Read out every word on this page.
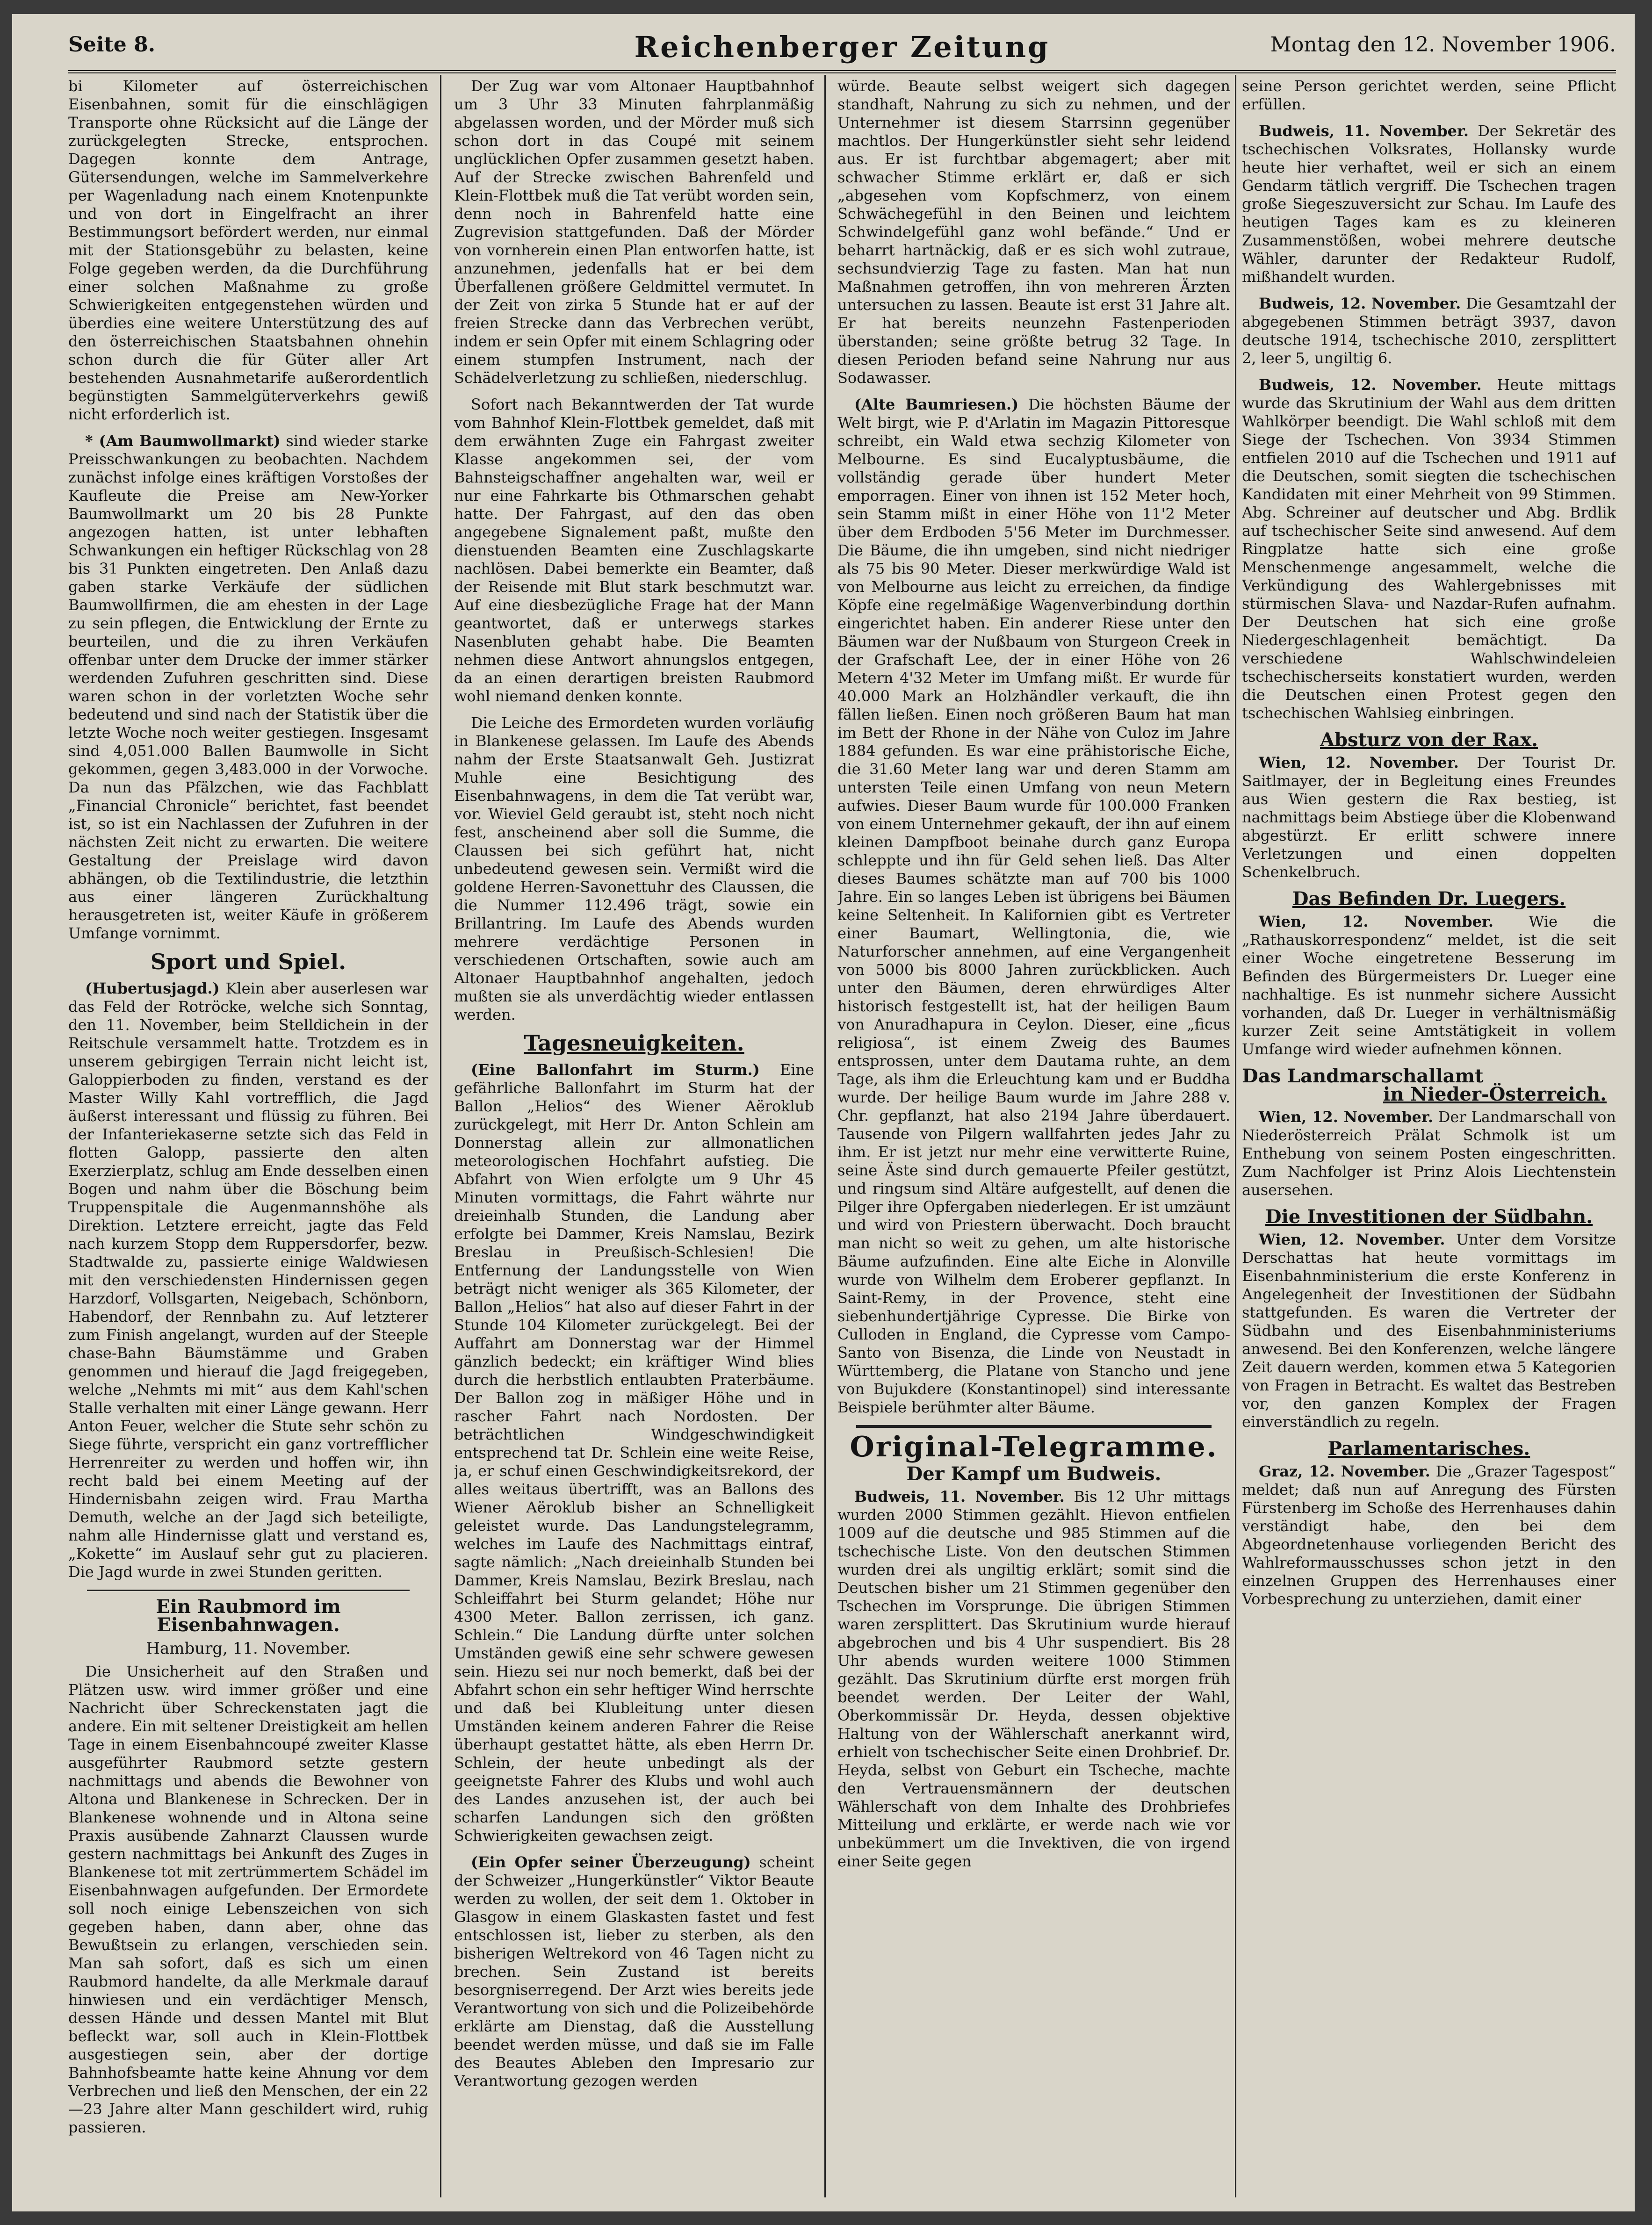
Seite 8.	Reichenberger Zeitung	Montag den 12. November 1906.

bi Kilometer auf österreichischen Eisenbahnen, somit für die einschlägigen Transporte ohne Rücksicht auf die Länge der zurückgelegten Strecke, entsprochen. Dagegen konnte dem Antrage, Gütersendungen, welche im Sammelverkehre per Wagenladung nach einem Knotenpunkte und von dort in Eingelfracht an ihrer Bestimmungsort befördert werden, nur einmal mit der Stationsgebühr zu belasten, keine Folge gegeben werden, da die Durchführung einer solchen Maßnahme zu große Schwierigkeiten entgegenstehen würden und überdies eine weitere Unterstützung des auf den österreichischen Staatsbahnen ohnehin schon durch die für Güter aller Art bestehenden Ausnahmetarife außerordentlich begünstigten Sammelgüterverkehrs gewiß nicht erforderlich ist.

* (Am Baumwollmarkt) sind wieder starke Preisschwankungen zu beobachten. Nachdem zunächst infolge eines kräftigen Vorstoßes der Kaufleute die Preise am New-Yorker Baumwollmarkt um 20 bis 28 Punkte angezogen hatten, ist unter lebhaften Schwankungen ein heftiger Rückschlag von 28 bis 31 Punkten eingetreten. Den Anlaß dazu gaben starke Verkäufe der südlichen Baumwollfirmen, die am ehesten in der Lage zu sein pflegen, die Entwicklung der Ernte zu beurteilen, und die zu ihren Verkäufen offenbar unter dem Drucke der immer stärker werdenden Zufuhren geschritten sind. Diese waren schon in der vorletzten Woche sehr bedeutend und sind nach der Statistik über die letzte Woche noch weiter gestiegen. Insgesamt sind 4,051.000 Ballen Baumwolle in Sicht gekommen, gegen 3,483.000 in der Vorwoche. Da nun das Pfälzchen, wie das Fachblatt „Financial Chronicle“ berichtet, fast beendet ist, so ist ein Nachlassen der Zufuhren in der nächsten Zeit nicht zu erwarten. Die weitere Gestaltung der Preislage wird davon abhängen, ob die Textilindustrie, die letzthin aus einer längeren Zurückhaltung herausgetreten ist, weiter Käufe in größerem Umfange vornimmt.

Sport und Spiel.

(Hubertusjagd.) Klein aber auserlesen war das Feld der Rotröcke, welche sich Sonntag, den 11. November, beim Stelldichein in der Reitschule versammelt hatte. Trotzdem es in unserem gebirgigen Terrain nicht leicht ist, Galoppierboden zu finden, verstand es der Master Willy Kahl vortrefflich, die Jagd äußerst interessant und flüssig zu führen. Bei der Infanteriekaserne setzte sich das Feld in flotten Galopp, passierte den alten Exerzierplatz, schlug am Ende desselben einen Bogen und nahm über die Böschung beim Truppenspitale die Augenmannshöhe als Direktion. Letztere erreicht, jagte das Feld nach kurzem Stopp dem Ruppersdorfer, bezw. Stadtwalde zu, passierte einige Waldwiesen mit den verschiedensten Hindernissen gegen Harzdorf, Vollsgarten, Neigebach, Schönborn, Habendorf, der Rennbahn zu. Auf letzterer zum Finish angelangt, wurden auf der Steeple chase-Bahn Bäumstämme und Graben genommen und hierauf die Jagd freigegeben, welche „Nehmts mi mit“ aus dem Kahl'schen Stalle verhalten mit einer Länge gewann. Herr Anton Feuer, welcher die Stute sehr schön zu Siege führte, verspricht ein ganz vortrefflicher Herrenreiter zu werden und hoffen wir, ihn recht bald bei einem Meeting auf der Hindernisbahn zeigen wird. Frau Martha Demuth, welche an der Jagd sich beteiligte, nahm alle Hindernisse glatt und verstand es, „Kokette“ im Auslauf sehr gut zu placieren. Die Jagd wurde in zwei Stunden geritten.

Ein Raubmord im Eisenbahnwagen.
Hamburg, 11. November.

Die Unsicherheit auf den Straßen und Plätzen usw. wird immer größer und eine Nachricht über Schreckenstaten jagt die andere. Ein mit seltener Dreistigkeit am hellen Tage in einem Eisenbahncoupé zweiter Klasse ausgeführter Raubmord setzte gestern nachmittags und abends die Bewohner von Altona und Blankenese in Schrecken. Der in Blankenese wohnende und in Altona seine Praxis ausübende Zahnarzt Claussen wurde gestern nachmittags bei Ankunft des Zuges in Blankenese tot mit zertrümmertem Schädel im Eisenbahnwagen aufgefunden. Der Ermordete soll noch einige Lebenszeichen von sich gegeben haben, dann aber, ohne das Bewußtsein zu erlangen, verschieden sein. Man sah sofort, daß es sich um einen Raubmord handelte, da alle Merkmale darauf hinwiesen und ein verdächtiger Mensch, dessen Hände und dessen Mantel mit Blut befleckt war, soll auch in Klein-Flottbek ausgestiegen sein, aber der dortige Bahnhofsbeamte hatte keine Ahnung vor dem Verbrechen und ließ den Menschen, der ein 22—23 Jahre alter Mann geschildert wird, ruhig passieren.

Der Zug war vom Altonaer Hauptbahnhof um 3 Uhr 33 Minuten fahrplanmäßig abgelassen worden, und der Mörder muß sich schon dort in das Coupé mit seinem unglücklichen Opfer zusammen gesetzt haben. Auf der Strecke zwischen Bahrenfeld und Klein-Flottbek muß die Tat verübt worden sein, denn noch in Bahrenfeld hatte eine Zugrevision stattgefunden. Daß der Mörder von vornherein einen Plan entworfen hatte, ist anzunehmen, jedenfalls hat er bei dem Überfallenen größere Geldmittel vermutet. In der Zeit von zirka 5 Stunde hat er auf der freien Strecke dann das Verbrechen verübt, indem er sein Opfer mit einem Schlagring oder einem stumpfen Instrument, nach der Schädelverletzung zu schließen, niederschlug.

Sofort nach Bekanntwerden der Tat wurde vom Bahnhof Klein-Flottbek gemeldet, daß mit dem erwähnten Zuge ein Fahrgast zweiter Klasse angekommen sei, der vom Bahnsteigschaffner angehalten war, weil er nur eine Fahrkarte bis Othmarschen gehabt hatte. Der Fahrgast, auf den das oben angegebene Signalement paßt, mußte den dienstuenden Beamten eine Zuschlagskarte nachlösen. Dabei bemerkte ein Beamter, daß der Reisende mit Blut stark beschmutzt war. Auf eine diesbezügliche Frage hat der Mann geantwortet, daß er unterwegs starkes Nasenbluten gehabt habe. Die Beamten nehmen diese Antwort ahnungslos entgegen, da an einen derartigen breisten Raubmord wohl niemand denken konnte.

Die Leiche des Ermordeten wurden vorläufig in Blankenese gelassen. Im Laufe des Abends nahm der Erste Staatsanwalt Geh. Justizrat Muhle eine Besichtigung des Eisenbahnwagens, in dem die Tat verübt war, vor. Wieviel Geld geraubt ist, steht noch nicht fest, anscheinend aber soll die Summe, die Claussen bei sich geführt hat, nicht unbedeutend gewesen sein. Vermißt wird die goldene Herren-Savonettuhr des Claussen, die die Nummer 112.496 trägt, sowie ein Brillantring. Im Laufe des Abends wurden mehrere verdächtige Personen in verschiedenen Ortschaften, sowie auch am Altonaer Hauptbahnhof angehalten, jedoch mußten sie als unverdächtig wieder entlassen werden.

Tagesneuigkeiten.

(Eine Ballonfahrt im Sturm.) Eine gefährliche Ballonfahrt im Sturm hat der Ballon „Helios“ des Wiener Aëroklub zurückgelegt, mit Herr Dr. Anton Schlein am Donnerstag allein zur allmonatlichen meteorologischen Hochfahrt aufstieg. Die Abfahrt von Wien erfolgte um 9 Uhr 45 Minuten vormittags, die Fahrt währte nur dreieinhalb Stunden, die Landung aber erfolgte bei Dammer, Kreis Namslau, Bezirk Breslau in Preußisch-Schlesien! Die Entfernung der Landungsstelle von Wien beträgt nicht weniger als 365 Kilometer, der Ballon „Helios“ hat also auf dieser Fahrt in der Stunde 104 Kilometer zurückgelegt. Bei der Auffahrt am Donnerstag war der Himmel gänzlich bedeckt; ein kräftiger Wind blies durch die herbstlich entlaubten Praterbäume. Der Ballon zog in mäßiger Höhe und in rascher Fahrt nach Nordosten. Der beträchtlichen Windgeschwindigkeit entsprechend tat Dr. Schlein eine weite Reise, ja, er schuf einen Geschwindigkeitsrekord, der alles weitaus übertrifft, was an Ballons des Wiener Aëroklub bisher an Schnelligkeit geleistet wurde. Das Landungstelegramm, welches im Laufe des Nachmittags eintraf, sagte nämlich: „Nach dreieinhalb Stunden bei Dammer, Kreis Namslau, Bezirk Breslau, nach Schleiffahrt bei Sturm gelandet; Höhe nur 4300 Meter. Ballon zerrissen, ich ganz. Schlein.“ Die Landung dürfte unter solchen Umständen gewiß eine sehr schwere gewesen sein. Hiezu sei nur noch bemerkt, daß bei der Abfahrt schon ein sehr heftiger Wind herrschte und daß bei Klubleitung unter diesen Umständen keinem anderen Fahrer die Reise überhaupt gestattet hätte, als eben Herrn Dr. Schlein, der heute unbedingt als der geeignetste Fahrer des Klubs und wohl auch des Landes anzusehen ist, der auch bei scharfen Landungen sich den größten Schwierigkeiten gewachsen zeigt.

(Ein Opfer seiner Überzeugung) scheint der Schweizer „Hungerkünstler“ Viktor Beaute werden zu wollen, der seit dem 1. Oktober in Glasgow in einem Glaskasten fastet und fest entschlossen ist, lieber zu sterben, als den bisherigen Weltrekord von 46 Tagen nicht zu brechen. Sein Zustand ist bereits besorgniserregend. Der Arzt wies bereits jede Verantwortung von sich und die Polizeibehörde erklärte am Dienstag, daß die Ausstellung beendet werden müsse, und daß sie im Falle des Beautes Ableben den Impresario zur Verantwortung gezogen werden

würde. Beaute selbst weigert sich dagegen standhaft, Nahrung zu sich zu nehmen, und der Unternehmer ist diesem Starrsinn gegenüber machtlos. Der Hungerkünstler sieht sehr leidend aus. Er ist furchtbar abgemagert; aber mit schwacher Stimme erklärt er, daß er sich „abgesehen vom Kopfschmerz, von einem Schwächegefühl in den Beinen und leichtem Schwindelgefühl ganz wohl befände.“ Und er beharrt hartnäckig, daß er es sich wohl zutraue, sechsundvierzig Tage zu fasten. Man hat nun Maßnahmen getroffen, ihn von mehreren Ärzten untersuchen zu lassen. Beaute ist erst 31 Jahre alt. Er hat bereits neunzehn Fastenperioden überstanden; seine größte betrug 32 Tage. In diesen Perioden befand seine Nahrung nur aus Sodawasser.

(Alte Baumriesen.) Die höchsten Bäume der Welt birgt, wie P. d'Arlatin im Magazin Pittoresque schreibt, ein Wald etwa sechzig Kilometer von Melbourne. Es sind Eucalyptusbäume, die vollständig gerade über hundert Meter emporragen. Einer von ihnen ist 152 Meter hoch, sein Stamm mißt in einer Höhe von 11'2 Meter über dem Erdboden 5'56 Meter im Durchmesser. Die Bäume, die ihn umgeben, sind nicht niedriger als 75 bis 90 Meter. Dieser merkwürdige Wald ist von Melbourne aus leicht zu erreichen, da findige Köpfe eine regelmäßige Wagenverbindung dorthin eingerichtet haben. Ein anderer Riese unter den Bäumen war der Nußbaum von Sturgeon Creek in der Grafschaft Lee, der in einer Höhe von 26 Metern 4'32 Meter im Umfang mißt. Er wurde für 40.000 Mark an Holzhändler verkauft, die ihn fällen ließen. Einen noch größeren Baum hat man im Bett der Rhone in der Nähe von Culoz im Jahre 1884 gefunden. Es war eine prähistorische Eiche, die 31.60 Meter lang war und deren Stamm am untersten Teile einen Umfang von neun Metern aufwies. Dieser Baum wurde für 100.000 Franken von einem Unternehmer gekauft, der ihn auf einem kleinen Dampfboot beinahe durch ganz Europa schleppte und ihn für Geld sehen ließ. Das Alter dieses Baumes schätzte man auf 700 bis 1000 Jahre. Ein so langes Leben ist übrigens bei Bäumen keine Seltenheit. In Kalifornien gibt es Vertreter einer Baumart, Wellingtonia, die, wie Naturforscher annehmen, auf eine Vergangenheit von 5000 bis 8000 Jahren zurückblicken. Auch unter den Bäumen, deren ehrwürdiges Alter historisch festgestellt ist, hat der heiligen Baum von Anuradhapura in Ceylon. Dieser, eine „ficus religiosa“, ist einem Zweig des Baumes entsprossen, unter dem Dautama ruhte, an dem Tage, als ihm die Erleuchtung kam und er Buddha wurde. Der heilige Baum wurde im Jahre 288 v. Chr. gepflanzt, hat also 2194 Jahre überdauert. Tausende von Pilgern wallfahrten jedes Jahr zu ihm. Er ist jetzt nur mehr eine verwitterte Ruine, seine Äste sind durch gemauerte Pfeiler gestützt, und ringsum sind Altäre aufgestellt, auf denen die Pilger ihre Opfergaben niederlegen. Er ist umzäunt und wird von Priestern überwacht. Doch braucht man nicht so weit zu gehen, um alte historische Bäume aufzufinden. Eine alte Eiche in Alonville wurde von Wilhelm dem Eroberer gepflanzt. In Saint-Remy, in der Provence, steht eine siebenhundertjährige Cypresse. Die Birke von Culloden in England, die Cypresse vom Campo-Santo von Bisenza, die Linde von Neustadt in Württemberg, die Platane von Stancho und jene von Bujukdere (Konstantinopel) sind interessante Beispiele berühmter alter Bäume.

Original-Telegramme.
Der Kampf um Budweis.

Budweis, 11. November. Bis 12 Uhr mittags wurden 2000 Stimmen gezählt. Hievon entfielen 1009 auf die deutsche und 985 Stimmen auf die tschechische Liste. Von den deutschen Stimmen wurden drei als ungiltig erklärt; somit sind die Deutschen bisher um 21 Stimmen gegenüber den Tschechen im Vorsprunge. Die übrigen Stimmen waren zersplittert. Das Skrutinium wurde hierauf abgebrochen und bis 4 Uhr suspendiert. Bis 28 Uhr abends wurden weitere 1000 Stimmen gezählt. Das Skrutinium dürfte erst morgen früh beendet werden. Der Leiter der Wahl, Oberkommissär Dr. Heyda, dessen objektive Haltung von der Wählerschaft anerkannt wird, erhielt von tschechischer Seite einen Drohbrief. Dr. Heyda, selbst von Geburt ein Tscheche, machte den Vertrauensmännern der deutschen Wählerschaft von dem Inhalte des Drohbriefes Mitteilung und erklärte, er werde nach wie vor unbekümmert um die Invektiven, die von irgend einer Seite gegen

seine Person gerichtet werden, seine Pflicht erfüllen.

Budweis, 11. November. Der Sekretär des tschechischen Volksrates, Hollansky wurde heute hier verhaftet, weil er sich an einem Gendarm tätlich vergriff. Die Tschechen tragen große Siegeszuversicht zur Schau. Im Laufe des heutigen Tages kam es zu kleineren Zusammenstößen, wobei mehrere deutsche Wähler, darunter der Redakteur Rudolf, mißhandelt wurden.

Budweis, 12. November. Die Gesamtzahl der abgegebenen Stimmen beträgt 3937, davon deutsche 1914, tschechische 2010, zersplittert 2, leer 5, ungiltig 6.

Budweis, 12. November. Heute mittags wurde das Skrutinium der Wahl aus dem dritten Wahlkörper beendigt. Die Wahl schloß mit dem Siege der Tschechen. Von 3934 Stimmen entfielen 2010 auf die Tschechen und 1911 auf die Deutschen, somit siegten die tschechischen Kandidaten mit einer Mehrheit von 99 Stimmen. Abg. Schreiner auf deutscher und Abg. Brdlik auf tschechischer Seite sind anwesend. Auf dem Ringplatze hatte sich eine große Menschenmenge angesammelt, welche die Verkündigung des Wahlergebnisses mit stürmischen Slava- und Nazdar-Rufen aufnahm. Der Deutschen hat sich eine große Niedergeschlagenheit bemächtigt. Da verschiedene Wahlschwindeleien tschechischerseits konstatiert wurden, werden die Deutschen einen Protest gegen den tschechischen Wahlsieg einbringen.

Absturz von der Rax.

Wien, 12. November. Der Tourist Dr. Saitlmayer, der in Begleitung eines Freundes aus Wien gestern die Rax bestieg, ist nachmittags beim Abstiege über die Klobenwand abgestürzt. Er erlitt schwere innere Verletzungen und einen doppelten Schenkelbruch.

Das Befinden Dr. Luegers.

Wien, 12. November. Wie die „Rathauskorrespondenz“ meldet, ist die seit einer Woche eingetretene Besserung im Befinden des Bürgermeisters Dr. Lueger eine nachhaltige. Es ist nunmehr sichere Aussicht vorhanden, daß Dr. Lueger in verhältnismäßig kurzer Zeit seine Amtstätigkeit in vollem Umfange wird wieder aufnehmen können.

Das Landmarschallamt
in Nieder-Österreich.

Wien, 12. November. Der Landmarschall von Niederösterreich Prälat Schmolk ist um Enthebung von seinem Posten eingeschritten. Zum Nachfolger ist Prinz Alois Liechtenstein ausersehen.

Die Investitionen der Südbahn.

Wien, 12. November. Unter dem Vorsitze Derschattas hat heute vormittags im Eisenbahnministerium die erste Konferenz in Angelegenheit der Investitionen der Südbahn stattgefunden. Es waren die Vertreter der Südbahn und des Eisenbahnministeriums anwesend. Bei den Konferenzen, welche längere Zeit dauern werden, kommen etwa 5 Kategorien von Fragen in Betracht. Es waltet das Bestreben vor, den ganzen Komplex der Fragen einverständlich zu regeln.

Parlamentarisches.

Graz, 12. November. Die „Grazer Tagespost“ meldet; daß nun auf Anregung des Fürsten Fürstenberg im Schoße des Herrenhauses dahin verständigt habe, den bei dem Abgeordnetenhause vorliegenden Bericht des Wahlreformausschusses schon jetzt in den einzelnen Gruppen des Herrenhauses einer Vorbesprechung zu unterziehen, damit einer
